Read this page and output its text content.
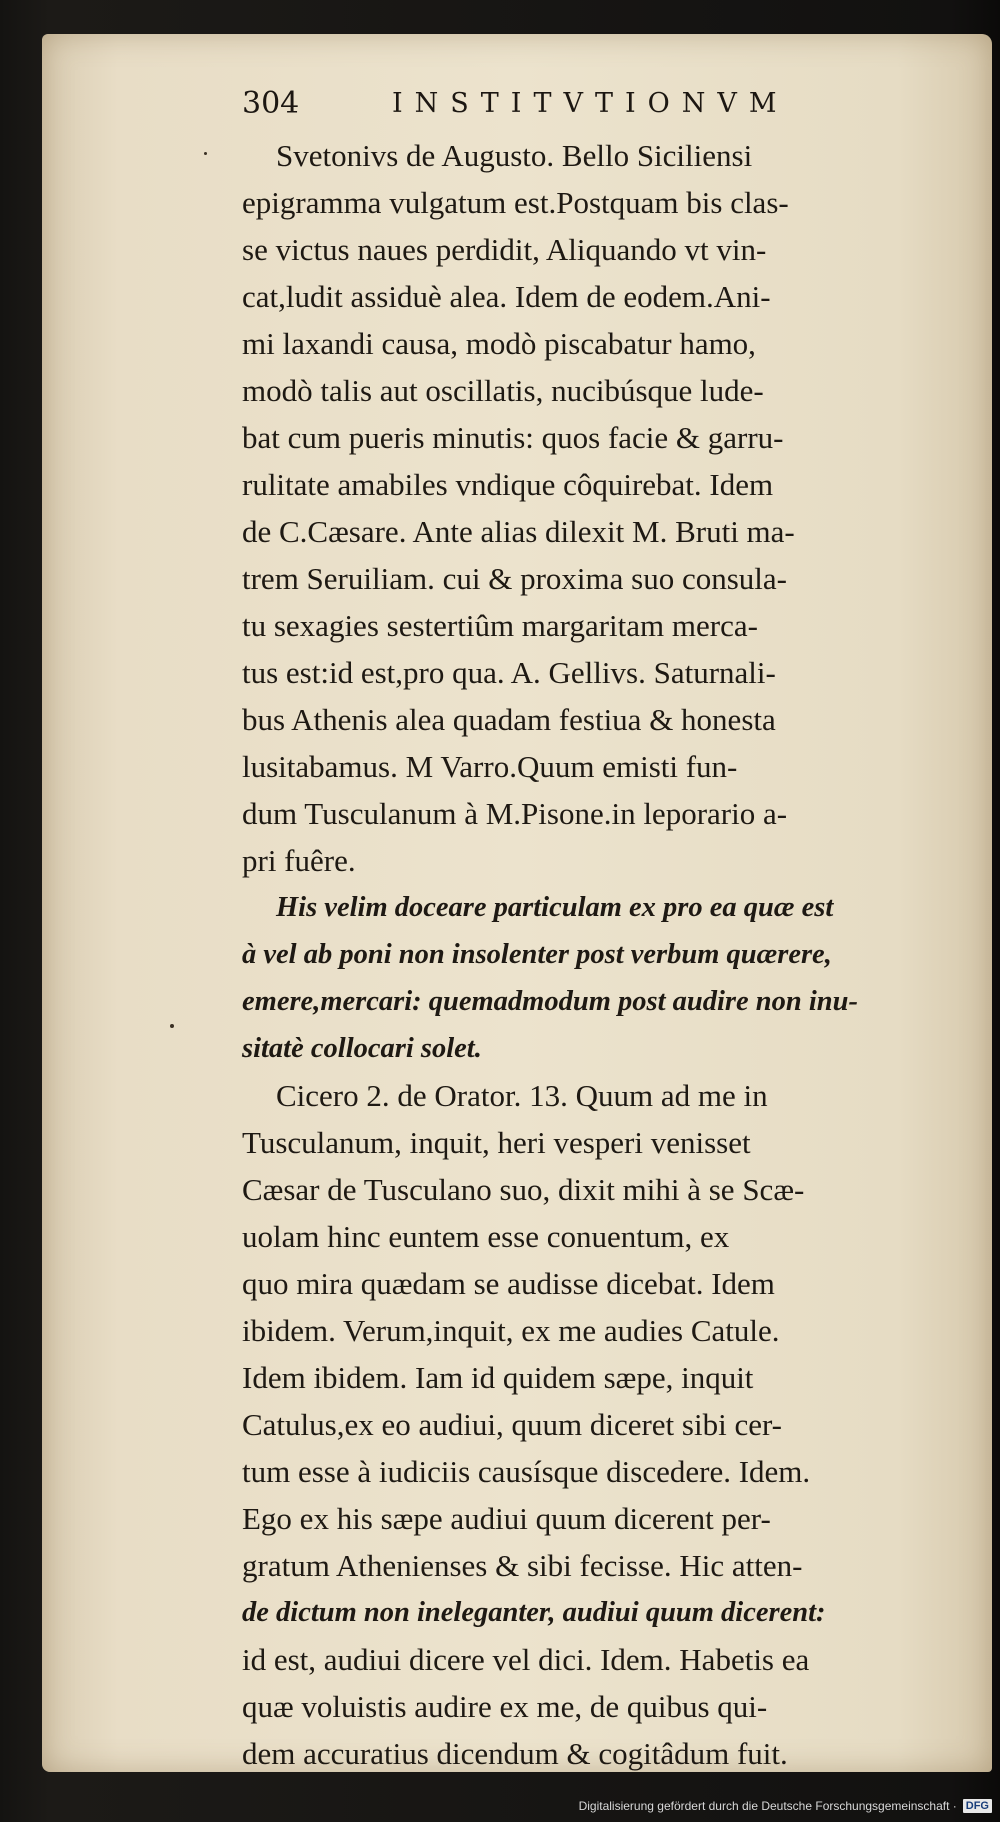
304	INSTITVTIONVM
Svetonivs de Augusto. Bello Siciliensi
epigramma vulgatum est.Postquam bis clas-
se victus naues perdidit, Aliquando vt vin-
cat,ludit assiduè alea. Idem de eodem.Ani-
mi laxandi causa, modò piscabatur hamo,
modò talis aut oscillatis, nucibúsque lude-
bat cum pueris minutis: quos facie & garru-
rulitate amabiles vndique côquirebat. Idem
de C.Cæsare. Ante alias dilexit M. Bruti ma-
trem Seruiliam. cui & proxima suo consula-
tu sexagies sestertiûm margaritam merca-
tus est:id est,pro qua. A. Gellivs. Saturnali-
bus Athenis alea quadam festiua & honesta
lusitabamus. M Varro.Quum emisti fun-
dum Tusculanum à M.Pisone.in leporario a-
pri fuêre.
His velim doceare particulam ex pro ea quæ est
à vel ab poni non insolenter post verbum quærere,
emere,mercari: quemadmodum post audire non inu-
sitatè collocari solet.
Cicero 2. de Orator. 13. Quum ad me in
Tusculanum, inquit, heri vesperi venisset
Cæsar de Tusculano suo, dixit mihi à se Scæ-
uolam hinc euntem esse conuentum, ex
quo mira quædam se audisse dicebat. Idem
ibidem. Verum,inquit, ex me audies Catule.
Idem ibidem. Iam id quidem sæpe, inquit
Catulus,ex eo audiui, quum diceret sibi cer-
tum esse à iudiciis causísque discedere. Idem.
Ego ex his sæpe audiui quum dicerent per-
gratum Athenienses & sibi fecisse. Hic atten-
de dictum non ineleganter, audiui quum dicerent:
id est, audiui dicere vel dici. Idem. Habetis ea
quæ voluistis audire ex me, de quibus qui-
dem accuratius dicendum & cogitâdum fuit.
Digitalisierung gefördert durch die Deutsche Forschungsgemeinschaft · DFG
